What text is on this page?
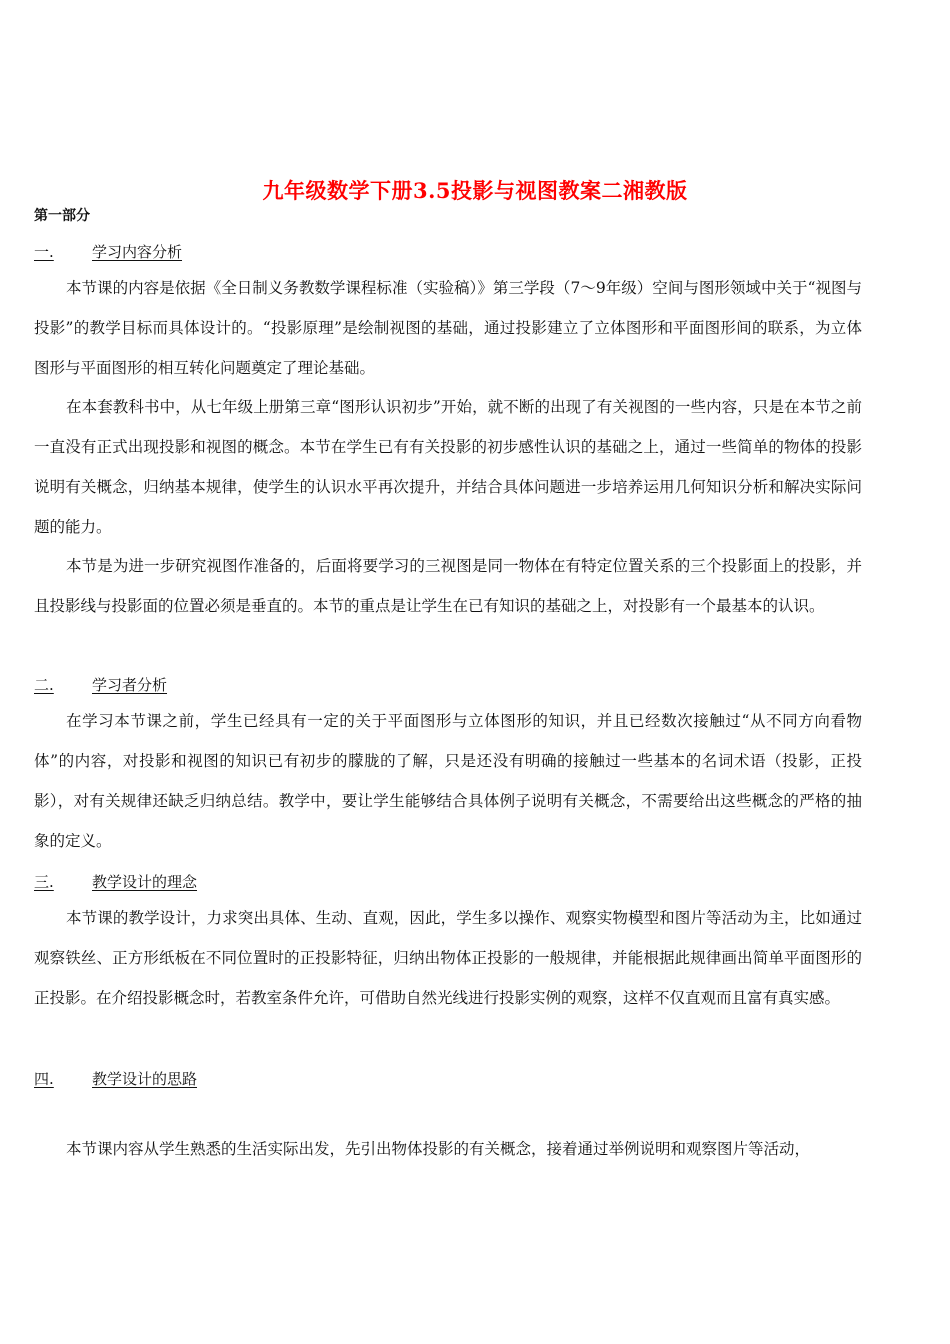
九年级数学下册3.5投影与视图教案二湘教版
第一部分
一.	学习内容分析

本节课的内容是依据《全日制义务教数学课程标准（实验稿）》第三学段（7～9年级）空间与图形领域中关于“视图与投影”的教学目标而具体设计的。“投影原理”是绘制视图的基础，通过投影建立了立体图形和平面图形间的联系，为立体图形与平面图形的相互转化问题奠定了理论基础。

在本套教科书中，从七年级上册第三章“图形认识初步”开始，就不断的出现了有关视图的一些内容，只是在本节之前一直没有正式出现投影和视图的概念。本节在学生已有有关投影的初步感性认识的基础之上，通过一些简单的物体的投影说明有关概念，归纳基本规律，使学生的认识水平再次提升，并结合具体问题进一步培养运用几何知识分析和解决实际问题的能力。

本节是为进一步研究视图作准备的，后面将要学习的三视图是同一物体在有特定位置关系的三个投影面上的投影，并且投影线与投影面的位置必须是垂直的。本节的重点是让学生在已有知识的基础之上，对投影有一个最基本的认识。

二.	学习者分析

在学习本节课之前，学生已经具有一定的关于平面图形与立体图形的知识，并且已经数次接触过“从不同方向看物体”的内容，对投影和视图的知识已有初步的朦胧的了解，只是还没有明确的接触过一些基本的名词术语（投影，正投影），对有关规律还缺乏归纳总结。教学中，要让学生能够结合具体例子说明有关概念，不需要给出这些概念的严格的抽象的定义。

三.	教学设计的理念

本节课的教学设计，力求突出具体、生动、直观，因此，学生多以操作、观察实物模型和图片等活动为主，比如通过观察铁丝、正方形纸板在不同位置时的正投影特征，归纳出物体正投影的一般规律，并能根据此规律画出简单平面图形的正投影。在介绍投影概念时，若教室条件允许，可借助自然光线进行投影实例的观察，这样不仅直观而且富有真实感。

四.	教学设计的思路

本节课内容从学生熟悉的生活实际出发，先引出物体投影的有关概念，接着通过举例说明和观察图片等活动，
